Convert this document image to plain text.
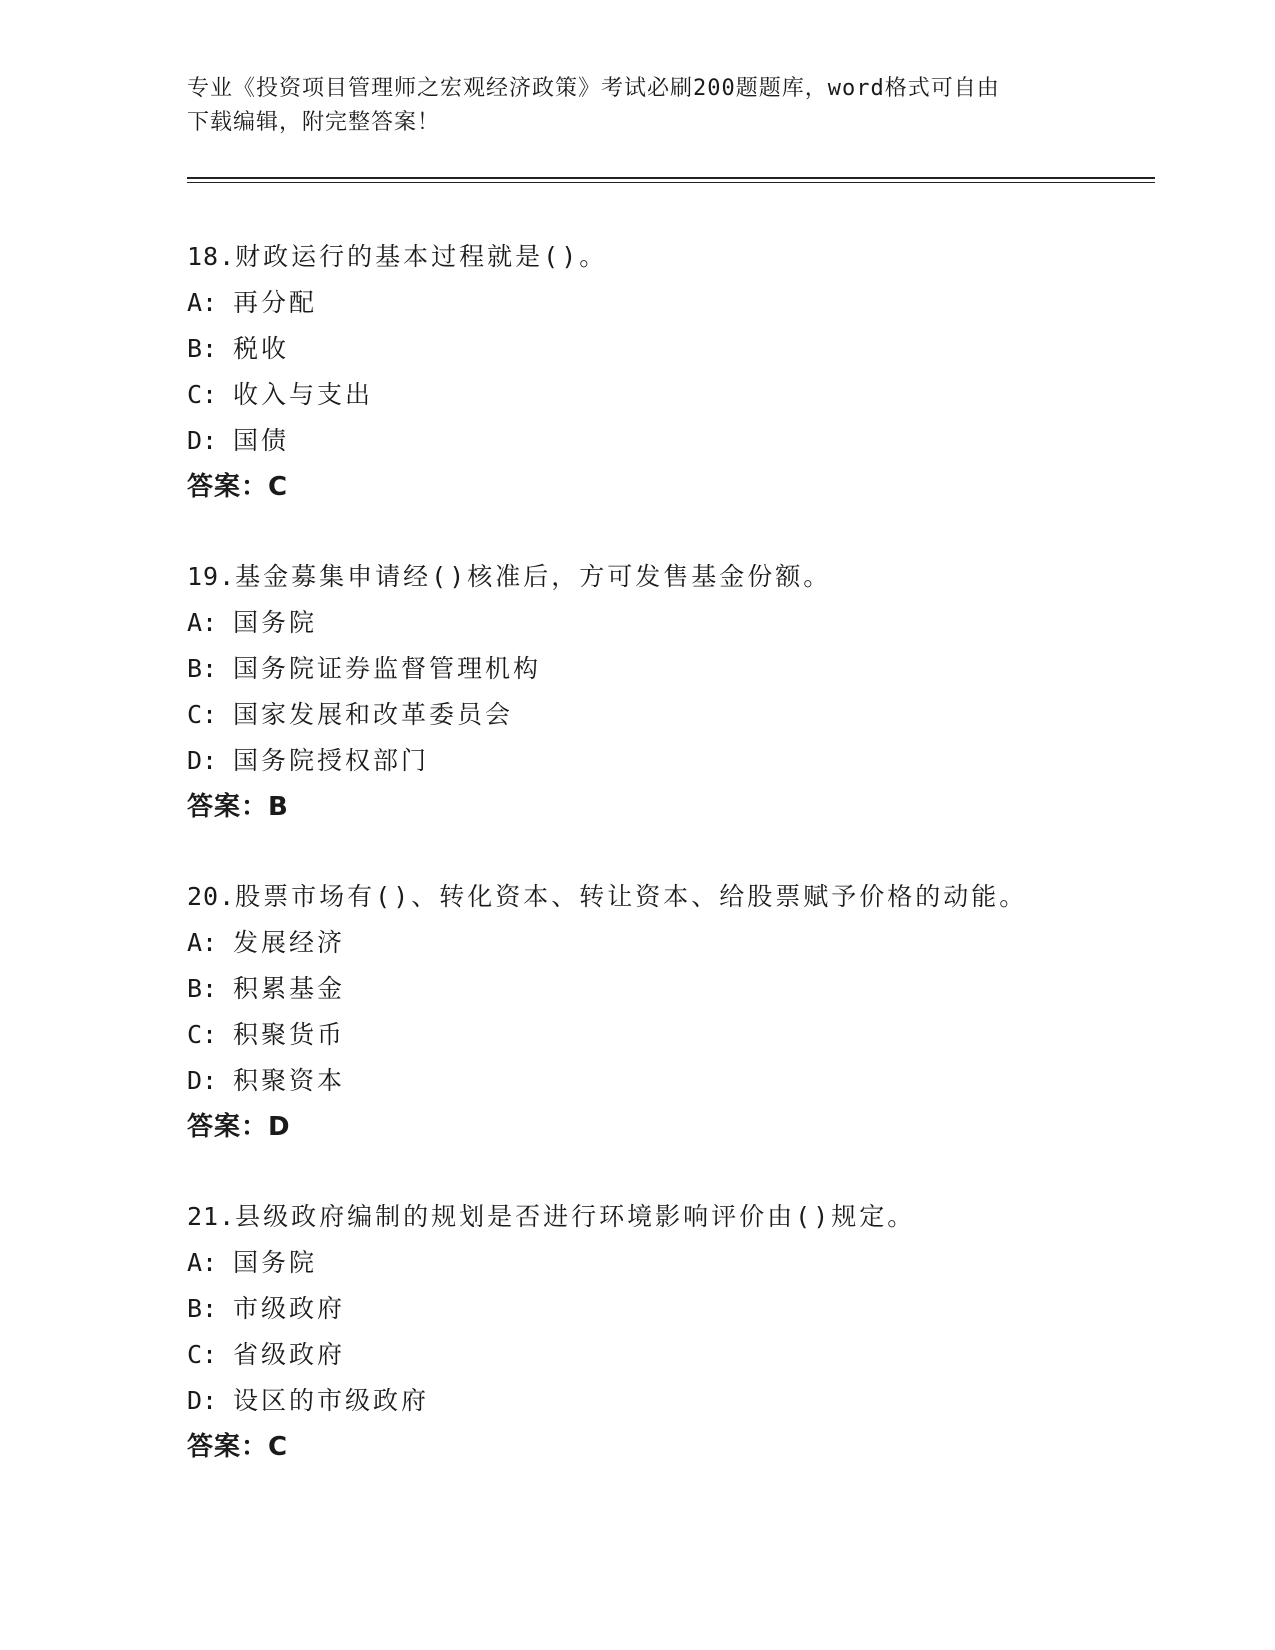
专业《投资项目管理师之宏观经济政策》考试必刷200题题库，word格式可自由
下载编辑，附完整答案！
18.财政运行的基本过程就是()。
A: 再分配
B: 税收
C: 收入与支出
D: 国债
答案：C
19.基金募集申请经()核准后，方可发售基金份额。
A: 国务院
B: 国务院证券监督管理机构
C: 国家发展和改革委员会
D: 国务院授权部门
答案：B
20.股票市场有()、转化资本、转让资本、给股票赋予价格的动能。
A: 发展经济
B: 积累基金
C: 积聚货币
D: 积聚资本
答案：D
21.县级政府编制的规划是否进行环境影响评价由()规定。
A: 国务院
B: 市级政府
C: 省级政府
D: 设区的市级政府
答案：C
